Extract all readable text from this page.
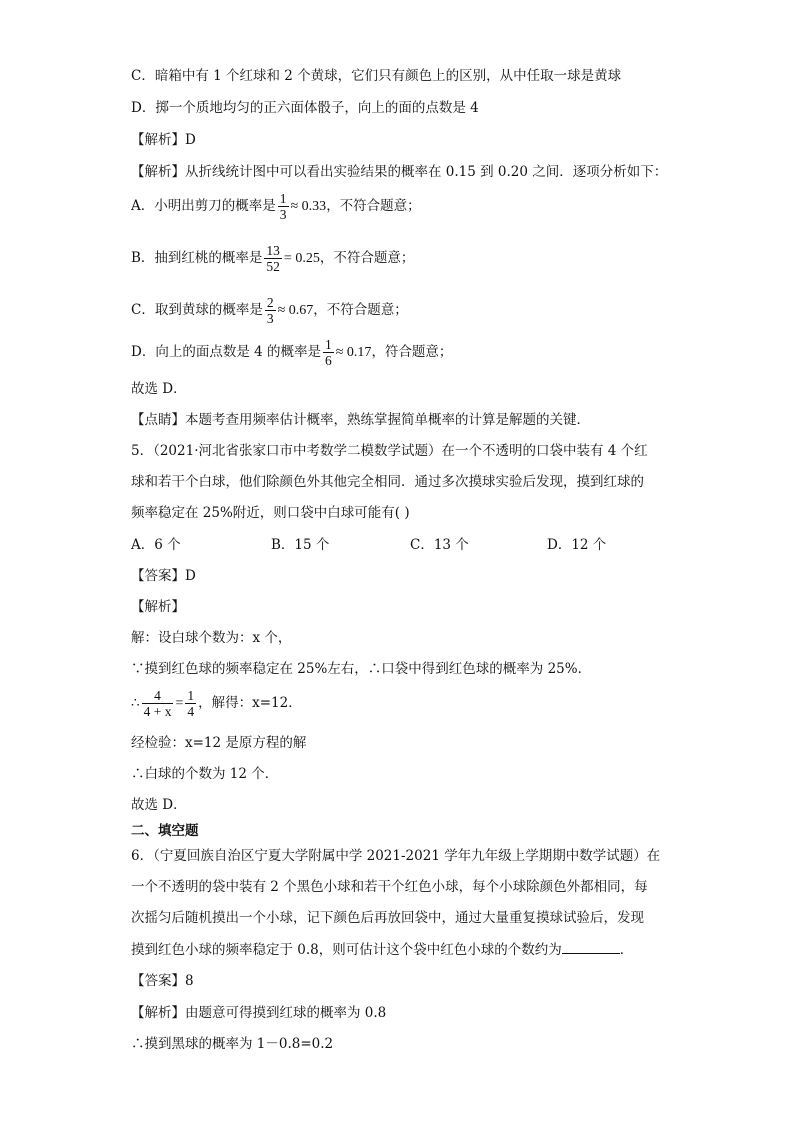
C．暗箱中有 1 个红球和 2 个黄球，它们只有颜色上的区别，从中任取一球是黄球
D．掷一个质地均匀的正六面体骰子，向上的面的点数是 4
【解析】D
【解析】从折线统计图中可以看出实验结果的概率在 0.15 到 0.20 之间．逐项分析如下：
A．小明出剪刀的概率是 $\frac{1}{3} \approx 0.33$，不符合题意；
B．抽到红桃的概率是 $\frac{13}{52} = 0.25$，不符合题意；
C．取到黄球的概率是 $\frac{2}{3} \approx 0.67$，不符合题意；
D．向上的面点数是 4 的概率是 $\frac{1}{6} \approx 0.17$，符合题意；
故选 D．
【点睛】本题考查用频率估计概率，熟练掌握简单概率的计算是解题的关键．
5．（2021·河北省张家口市中考数学二模数学试题）在一个不透明的口袋中装有 4 个红
球和若干个白球，他们除颜色外其他完全相同．通过多次摸球实验后发现，摸到红球的
频率稳定在 25%附近，则口袋中白球可能有( )
A．6 个	B．15 个	C．13 个	D．12 个
【答案】D
【解析】
解：设白球个数为：x 个，
∵摸到红色球的频率稳定在 25%左右，∴口袋中得到红色球的概率为 25%．
∴ $\frac{4}{4 + x} = \frac{1}{4}$ ，解得：x=12．
经检验：x=12 是原方程的解
∴白球的个数为 12 个．
故选 D．
二、填空题
6．（宁夏回族自治区宁夏大学附属中学 2021-2021 学年九年级上学期期中数学试题）在
一个不透明的袋中装有 2 个黑色小球和若干个红色小球，每个小球除颜色外都相同，每
次摇匀后随机摸出一个小球，记下颜色后再放回袋中，通过大量重复摸球试验后，发现
摸到红色小球的频率稳定于 0.8，则可估计这个袋中红色小球的个数约为	．
【答案】8
【解析】由题意可得摸到红球的概率为 0.8
∴摸到黑球的概率为 1－0.8=0.2
